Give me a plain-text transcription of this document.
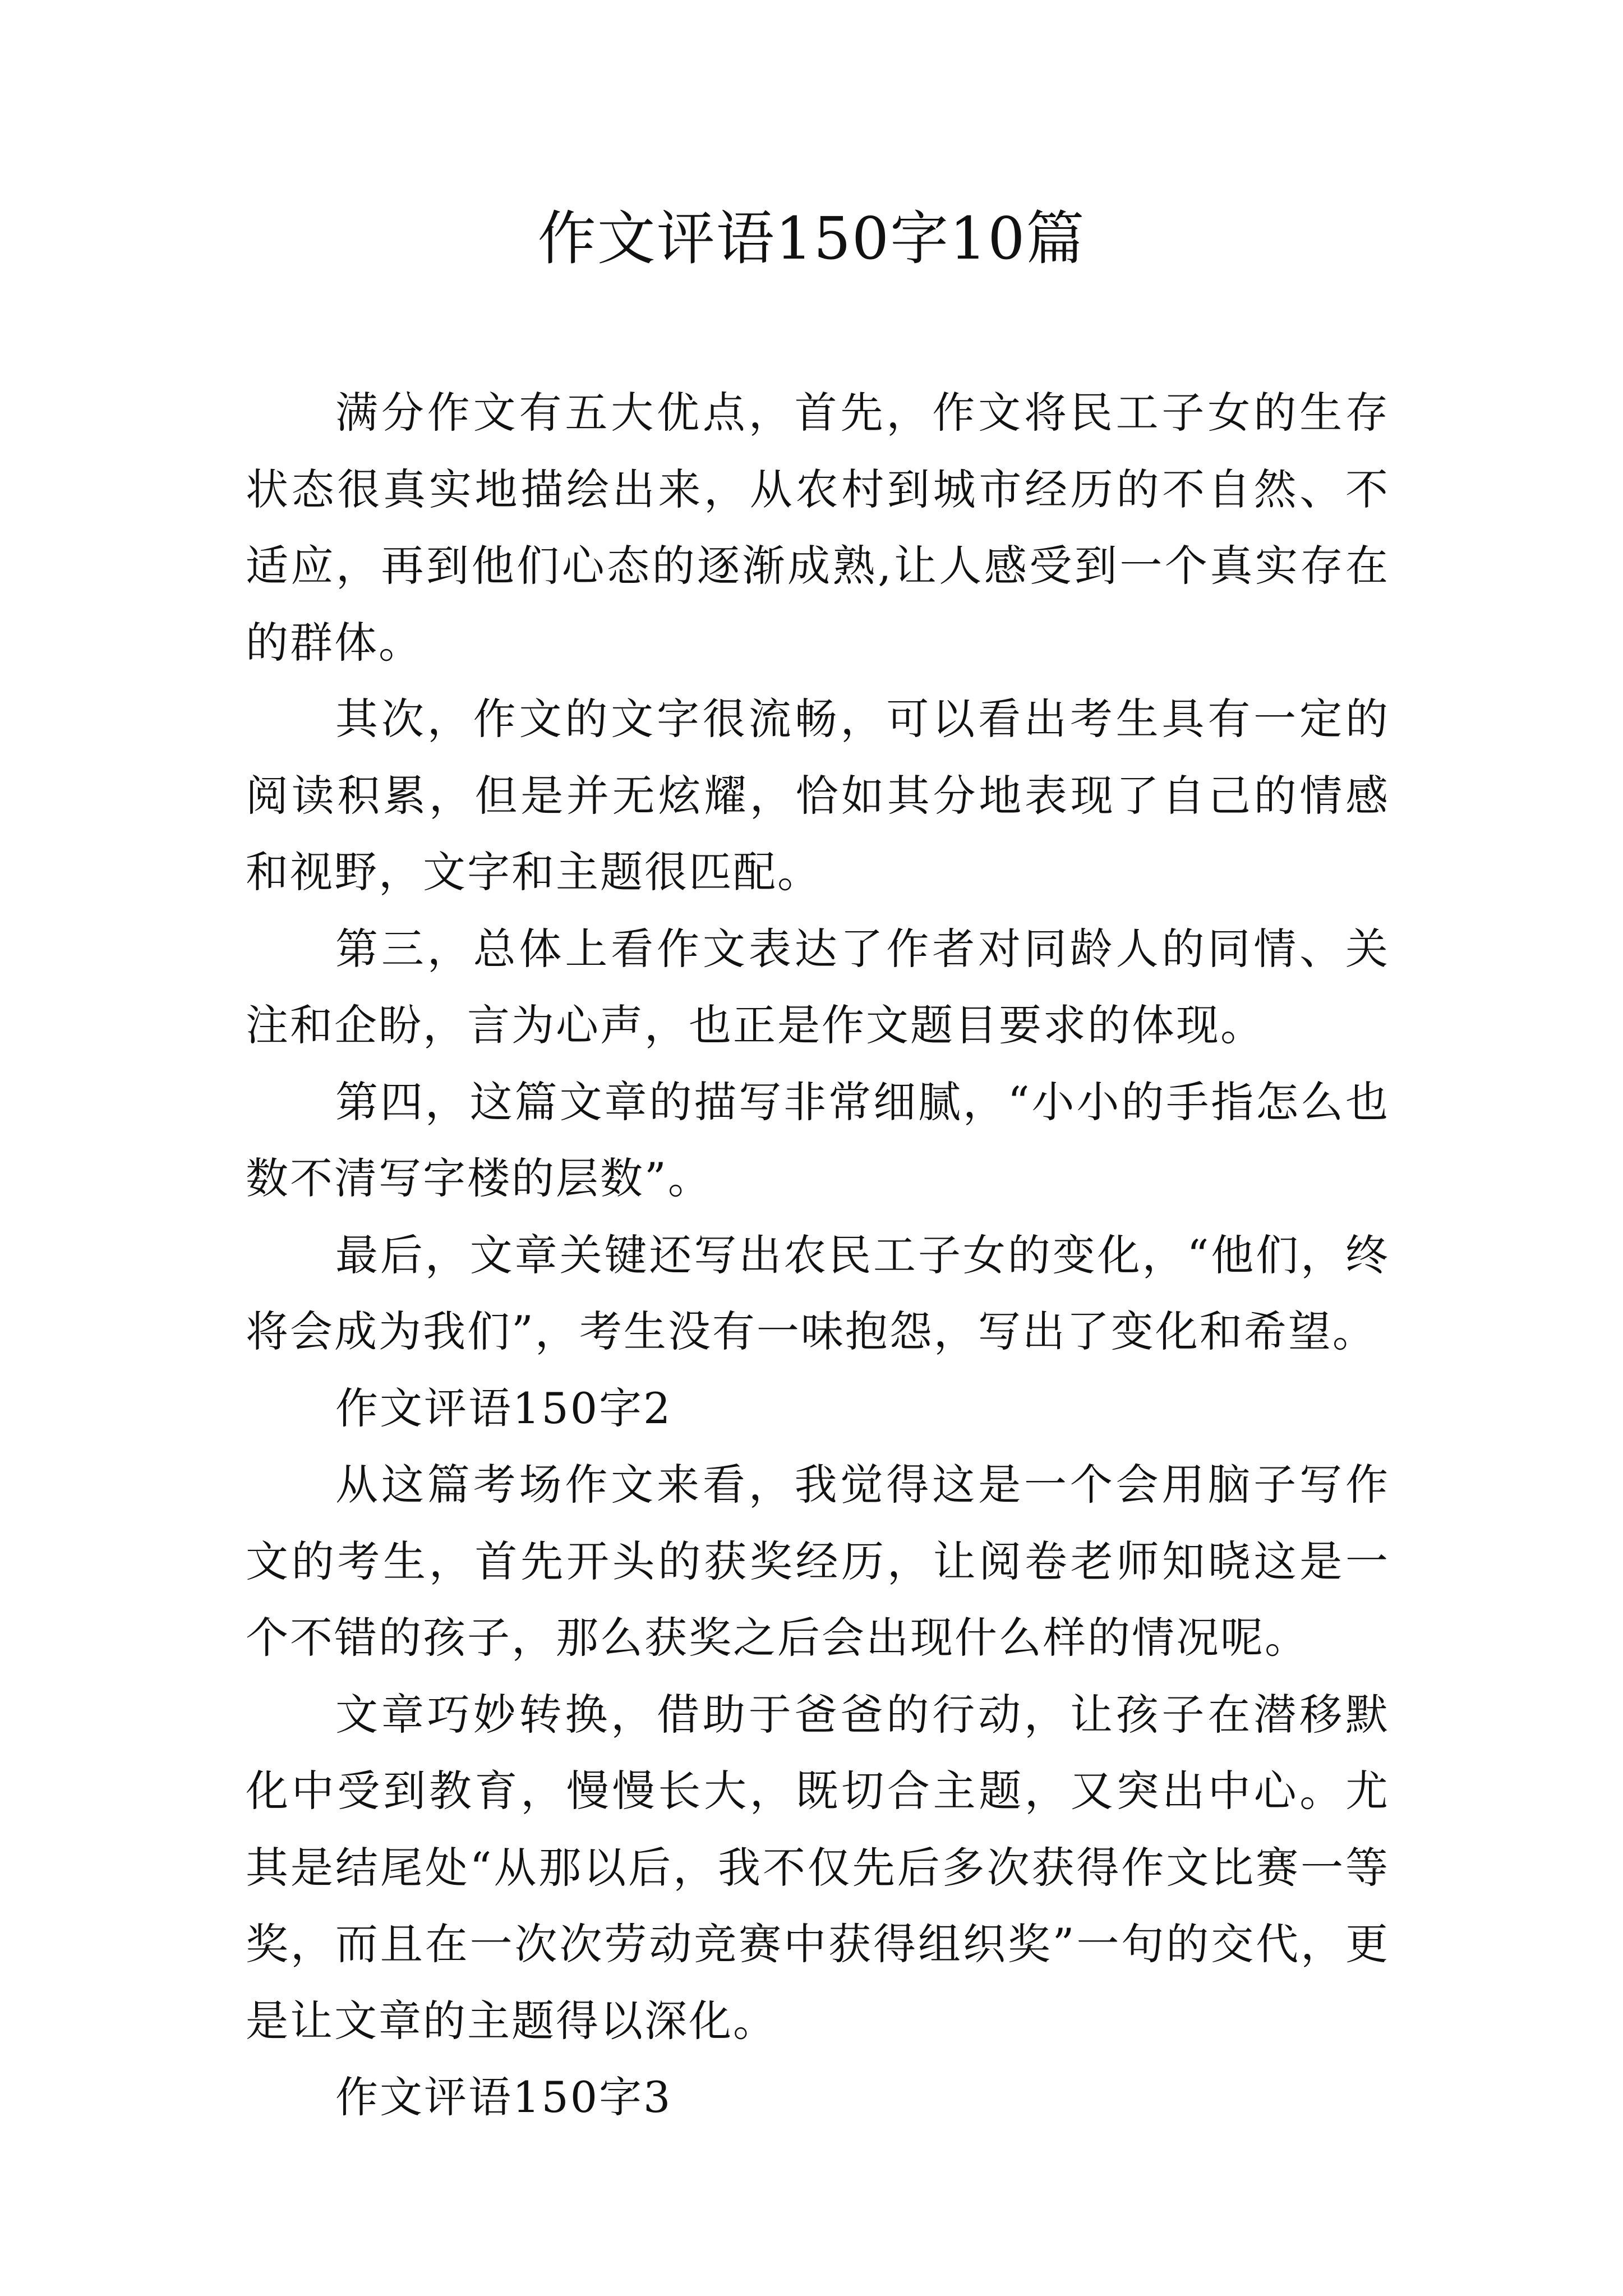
作文评语150字10篇

满分作文有五大优点，首先，作文将民工子女的生存状态很真实地描绘出来，从农村到城市经历的不自然、不适应，再到他们心态的逐渐成熟,让人感受到一个真实存在的群体。

其次，作文的文字很流畅，可以看出考生具有一定的阅读积累，但是并无炫耀，恰如其分地表现了自己的情感和视野，文字和主题很匹配。

第三，总体上看作文表达了作者对同龄人的同情、关注和企盼，言为心声，也正是作文题目要求的体现。

第四，这篇文章的描写非常细腻，“小小的手指怎么也数不清写字楼的层数”。

最后，文章关键还写出农民工子女的变化，“他们，终将会成为我们”，考生没有一味抱怨，写出了变化和希望。

作文评语150字2

从这篇考场作文来看，我觉得这是一个会用脑子写作文的考生，首先开头的获奖经历，让阅卷老师知晓这是一个不错的孩子，那么获奖之后会出现什么样的情况呢。

文章巧妙转换，借助于爸爸的行动，让孩子在潜移默化中受到教育，慢慢长大，既切合主题，又突出中心。尤其是结尾处“从那以后，我不仅先后多次获得作文比赛一等奖，而且在一次次劳动竞赛中获得组织奖”一句的交代，更是让文章的主题得以深化。

作文评语150字3
